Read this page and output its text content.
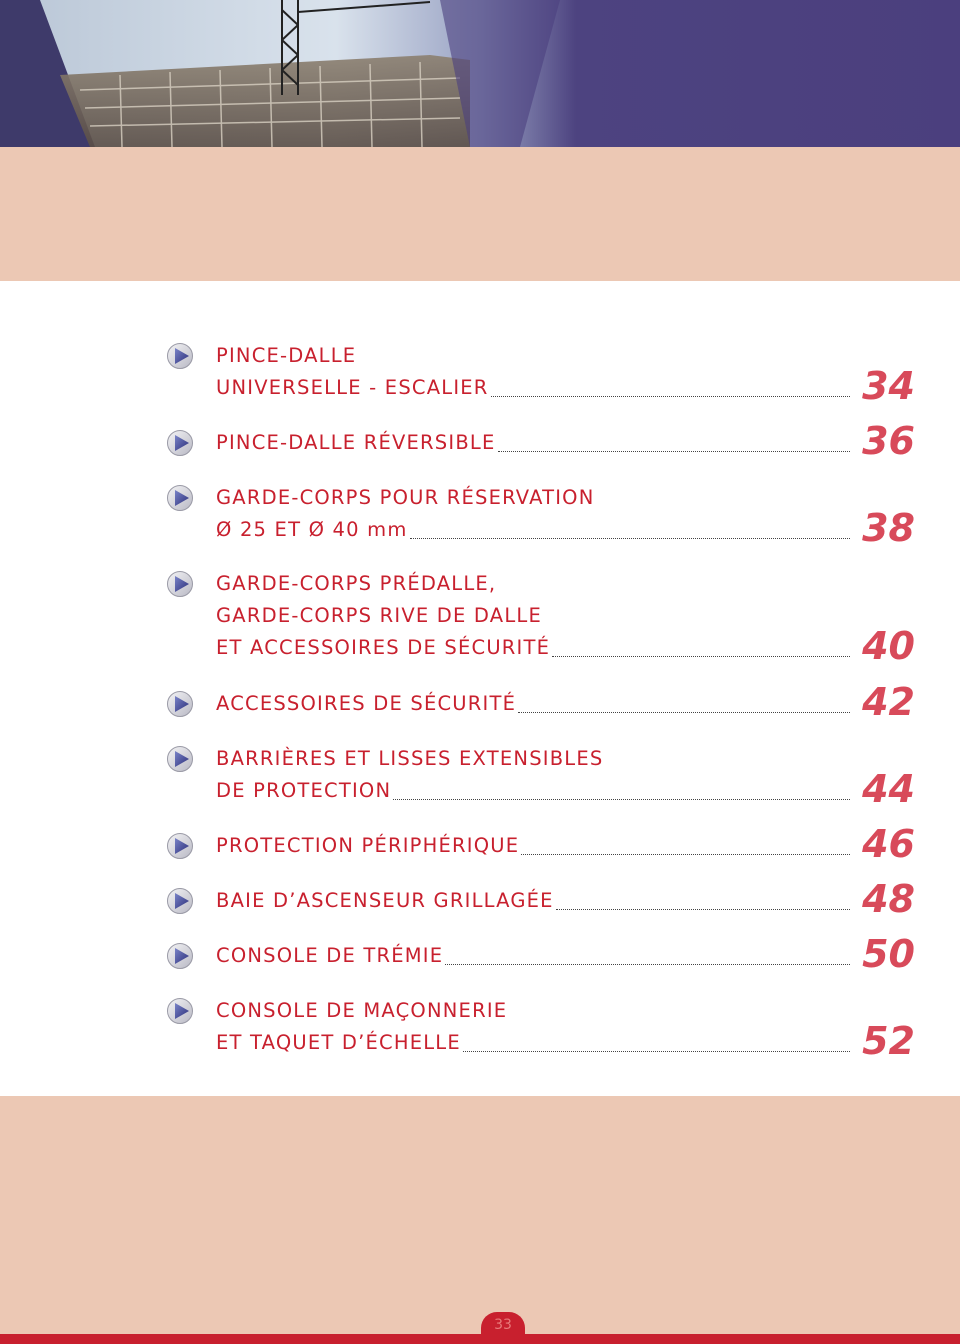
PINCE-DALLE
UNIVERSELLE - ESCALIER	34
PINCE-DALLE RÉVERSIBLE	36
GARDE-CORPS POUR RÉSERVATION
Ø 25 ET Ø 40 mm	38
GARDE-CORPS PRÉDALLE,
GARDE-CORPS RIVE DE DALLE
ET ACCESSOIRES DE SÉCURITÉ	40
ACCESSOIRES DE SÉCURITÉ	42
BARRIÈRES ET LISSES EXTENSIBLES
DE PROTECTION	44
PROTECTION PÉRIPHÉRIQUE	46
BAIE D’ASCENSEUR GRILLAGÉE	48
CONSOLE DE TRÉMIE	50
CONSOLE DE MAÇONNERIE
ET TAQUET D’ÉCHELLE	52
33
